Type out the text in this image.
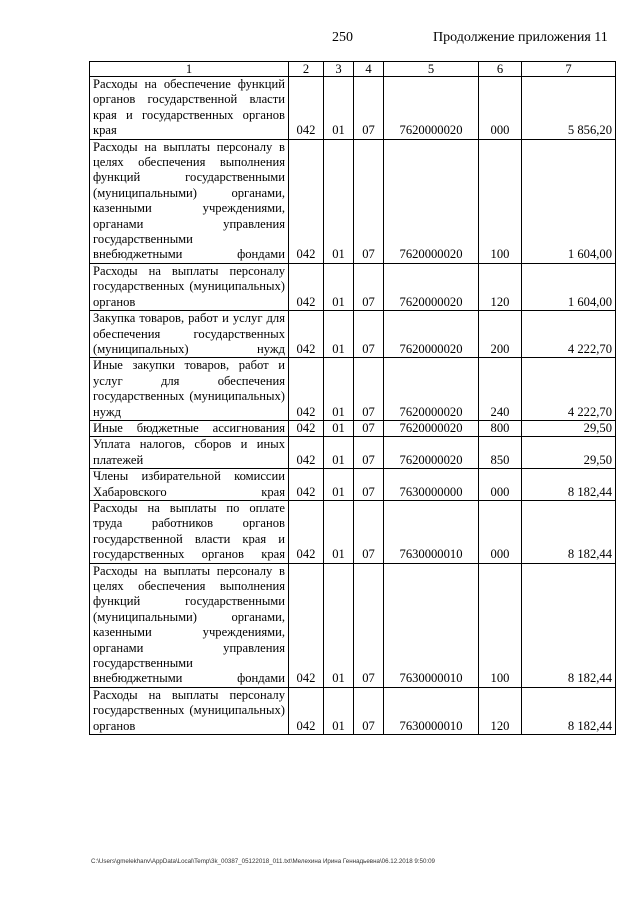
250	Продолжение приложения 11
1	2	3	4	5	6	7
Расходы на обеспечение функций органов государственной власти края и государственных органов края	042	01	07	7620000020	000	5 856,20
Расходы на выплаты персоналу в целях обеспечения выполнения функций государственными (муниципальными) органами, казенными учреждениями, органами управления государственными внебюджетными фондами	042	01	07	7620000020	100	1 604,00
Расходы на выплаты персоналу государственных (муниципальных) органов	042	01	07	7620000020	120	1 604,00
Закупка товаров, работ и услуг для обеспечения государственных (муниципальных) нужд	042	01	07	7620000020	200	4 222,70
Иные закупки товаров, работ и услуг для обеспечения государственных (муниципальных) нужд	042	01	07	7620000020	240	4 222,70
Иные бюджетные ассигнования	042	01	07	7620000020	800	29,50
Уплата налогов, сборов и иных платежей	042	01	07	7620000020	850	29,50
Члены избирательной комиссии Хабаровского края	042	01	07	7630000000	000	8 182,44
Расходы на выплаты по оплате труда работников органов государственной власти края и государственных органов края	042	01	07	7630000010	000	8 182,44
Расходы на выплаты персоналу в целях обеспечения выполнения функций государственными (муниципальными) органами, казенными учреждениями, органами управления государственными внебюджетными фондами	042	01	07	7630000010	100	8 182,44
Расходы на выплаты персоналу государственных (муниципальных) органов	042	01	07	7630000010	120	8 182,44
C:\Users\gmelekhanv\AppData\Local\Temp\3k_00387_05122018_011.txt\Мелехина Ирина Геннадьевна\06.12.2018 9:50:09
